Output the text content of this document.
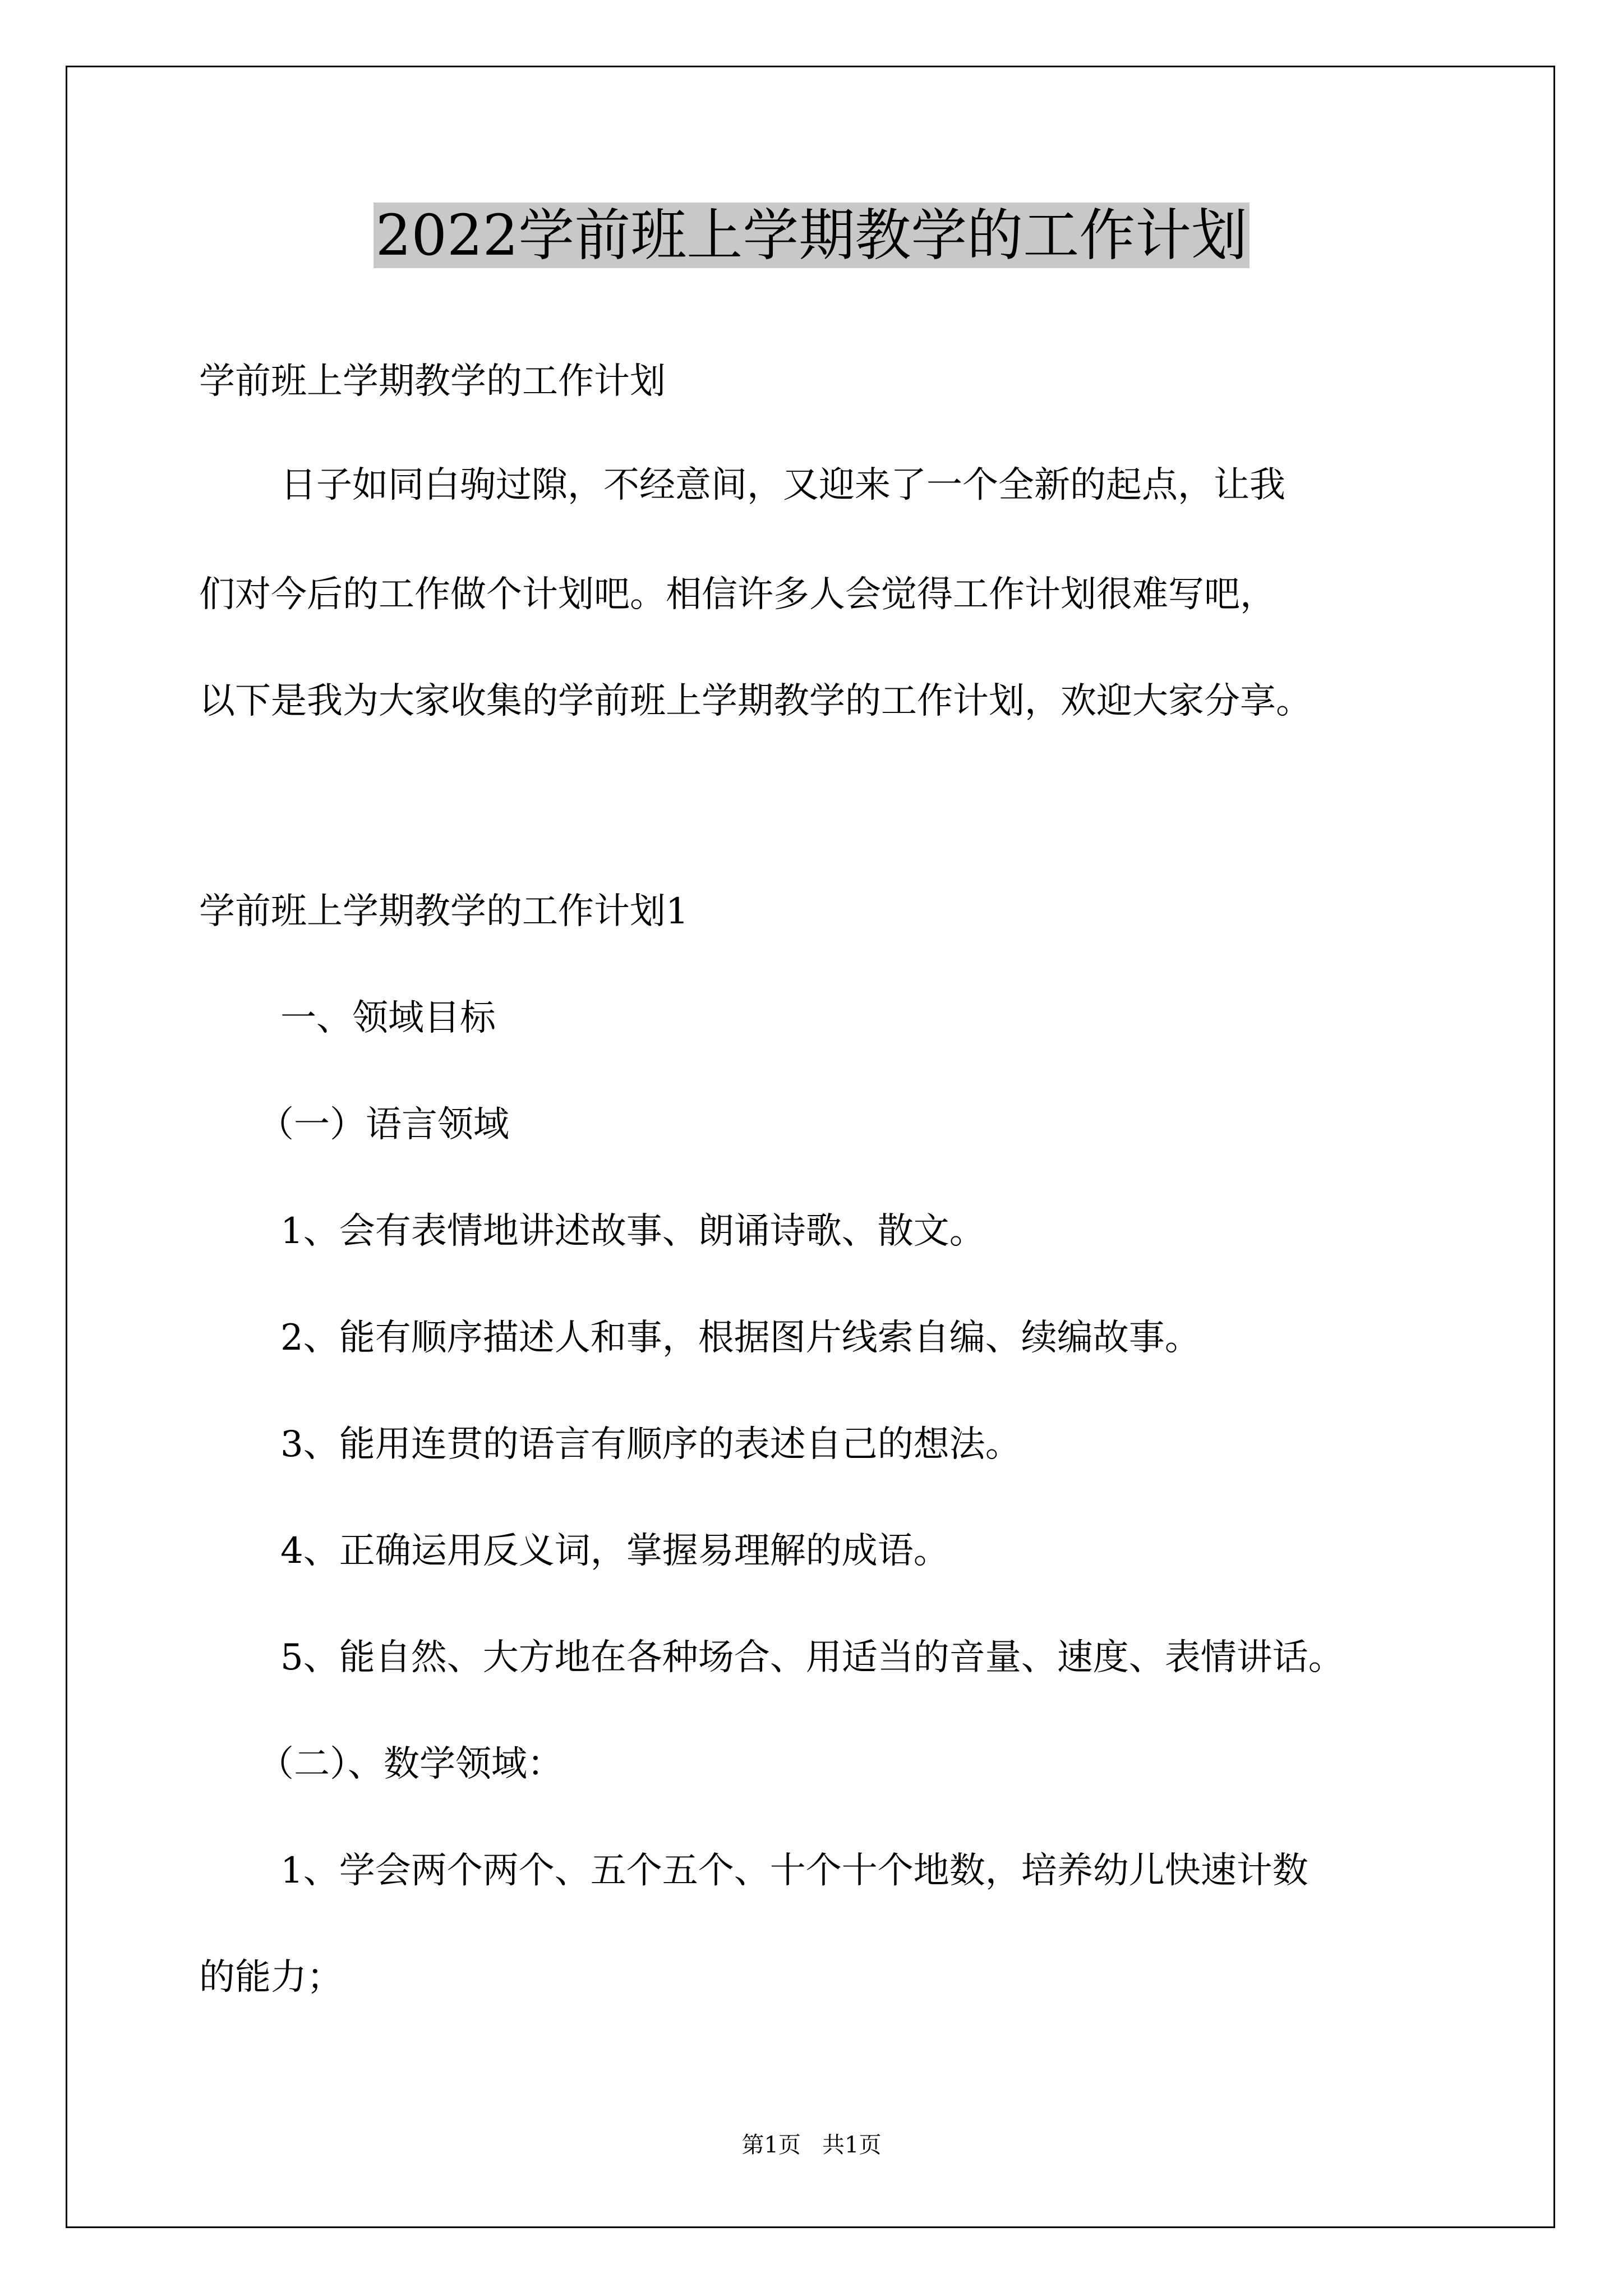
2022学前班上学期教学的工作计划
学前班上学期教学的工作计划
日子如同白驹过隙，不经意间，又迎来了一个全新的起点，让我
们对今后的工作做个计划吧。相信许多人会觉得工作计划很难写吧，
以下是我为大家收集的学前班上学期教学的工作计划，欢迎大家分享。
学前班上学期教学的工作计划1
一、领域目标
（一）语言领域
1、会有表情地讲述故事、朗诵诗歌、散文。
2、能有顺序描述人和事，根据图片线索自编、续编故事。
3、能用连贯的语言有顺序的表述自己的想法。
4、正确运用反义词，掌握易理解的成语。
5、能自然、大方地在各种场合、用适当的音量、速度、表情讲话。
（二）、数学领域：
1、学会两个两个、五个五个、十个十个地数，培养幼儿快速计数
的能力；
第1页   共1页
